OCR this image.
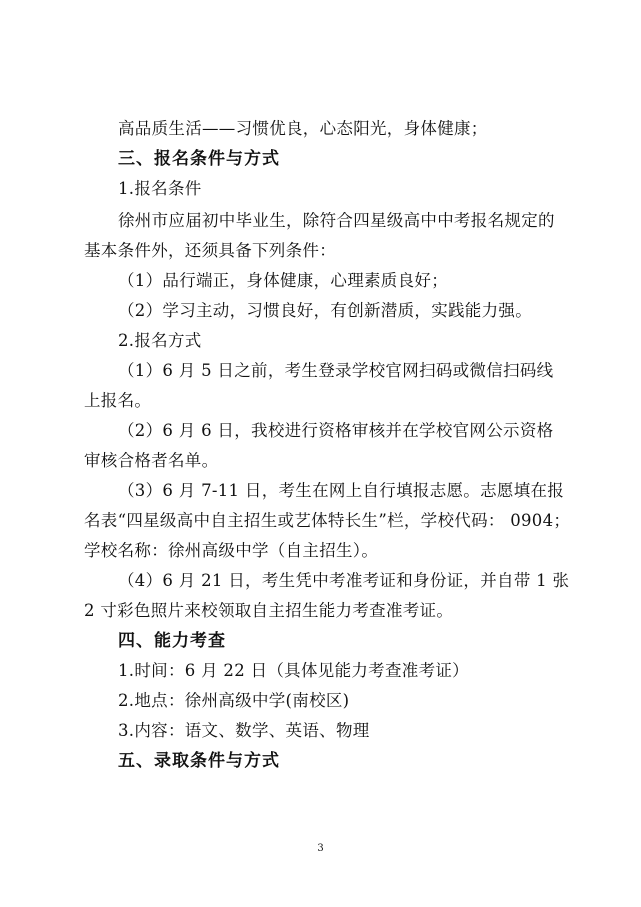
高品质生活——习惯优良，心态阳光，身体健康；
三、报名条件与方式
1.报名条件
徐州市应届初中毕业生，除符合四星级高中中考报名规定的
基本条件外，还须具备下列条件：
（1）品行端正，身体健康，心理素质良好；
（2）学习主动，习惯良好，有创新潜质，实践能力强。
2.报名方式
（1）6 月 5 日之前，考生登录学校官网扫码或微信扫码线
上报名。
（2）6 月 6 日，我校进行资格审核并在学校官网公示资格
审核合格者名单。
（3）6 月 7-11 日，考生在网上自行填报志愿。志愿填在报
名表“四星级高中自主招生或艺体特长生”栏，学校代码： 0904；
学校名称：徐州高级中学（自主招生）。
（4）6 月 21 日，考生凭中考准考证和身份证，并自带 1 张
2 寸彩色照片来校领取自主招生能力考查准考证。
四、能力考查
1.时间：6 月 22 日（具体见能力考查准考证）
2.地点：徐州高级中学(南校区)
3.内容：语文、数学、英语、物理
五、录取条件与方式
3
